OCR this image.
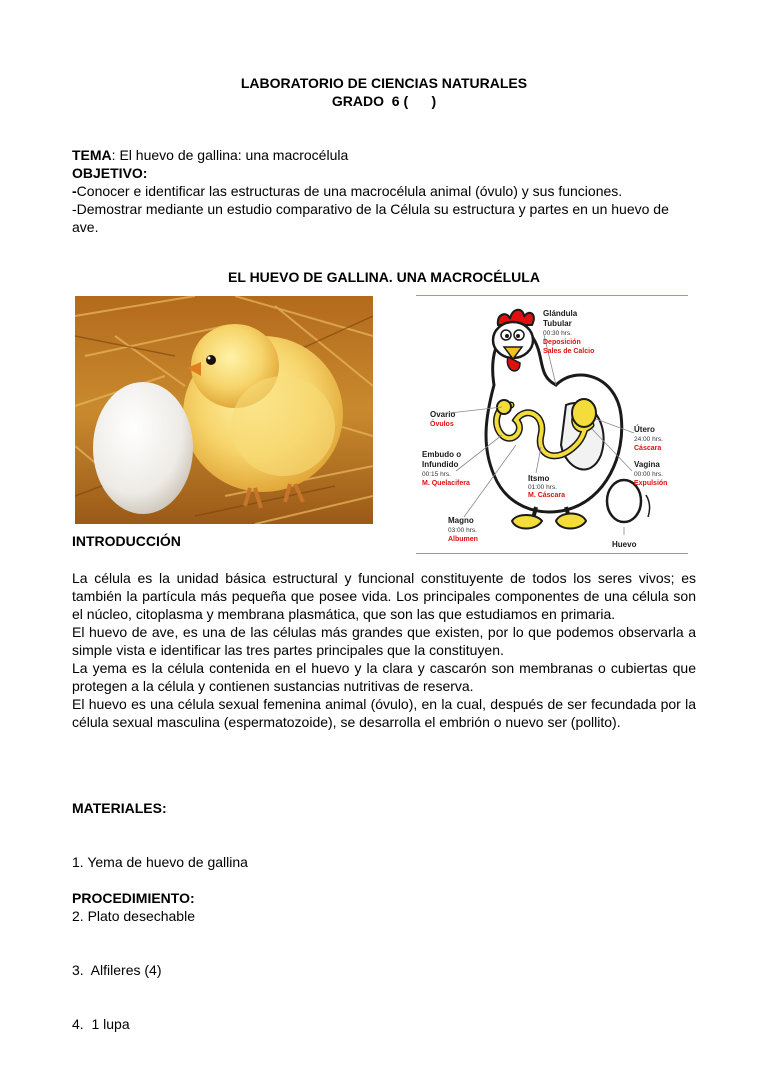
LABORATORIO DE CIENCIAS NATURALES
GRADO  6 (      )
TEMA: El huevo de gallina: una macrocélula
OBJETIVO:
-Conocer e identificar las estructuras de una macrocélula animal (óvulo) y sus funciones.
-Demostrar mediante un estudio comparativo de la Célula su estructura y partes en un huevo de ave.
EL HUEVO DE GALLINA. UNA MACROCÉLULA
Glándula
Tubular
00:30 hrs.
Deposición
Sales de Calcio
Ovario
Óvulos
Embudo o
Infundido
00:15 hrs.
M. Quelacifera
Itsmo
01:00 hrs.
M. Cáscara
Magno
03:00 hrs.
Albumen
Útero
24:00 hrs.
Cáscara
Vagina
00:00 hrs.
Expulsión
Huevo
INTRODUCCIÓN
La célula es la unidad básica estructural y funcional constituyente de todos los seres vivos; es también la partícula más pequeña que posee vida. Los principales componentes de una célula son el núcleo, citoplasma y membrana plasmática, que son las que estudiamos en primaria.
El huevo de ave, es una de las células más grandes que existen, por lo que podemos observarla a simple vista e identificar las tres partes principales que la constituyen.
La yema es la célula contenida en el huevo y la clara y cascarón son membranas o cubiertas que protegen a la célula y contienen sustancias nutritivas de reserva.
El huevo es una célula sexual femenina animal (óvulo), en la cual, después de ser fecundada por la célula sexual masculina (espermatozoide), se desarrolla el embrión o nuevo ser (pollito).
MATERIALES:

1. Yema de huevo de gallina

2. Plato desechable

3.  Alfileres (4)

4.  1 lupa

PROCEDIMIENTO:
